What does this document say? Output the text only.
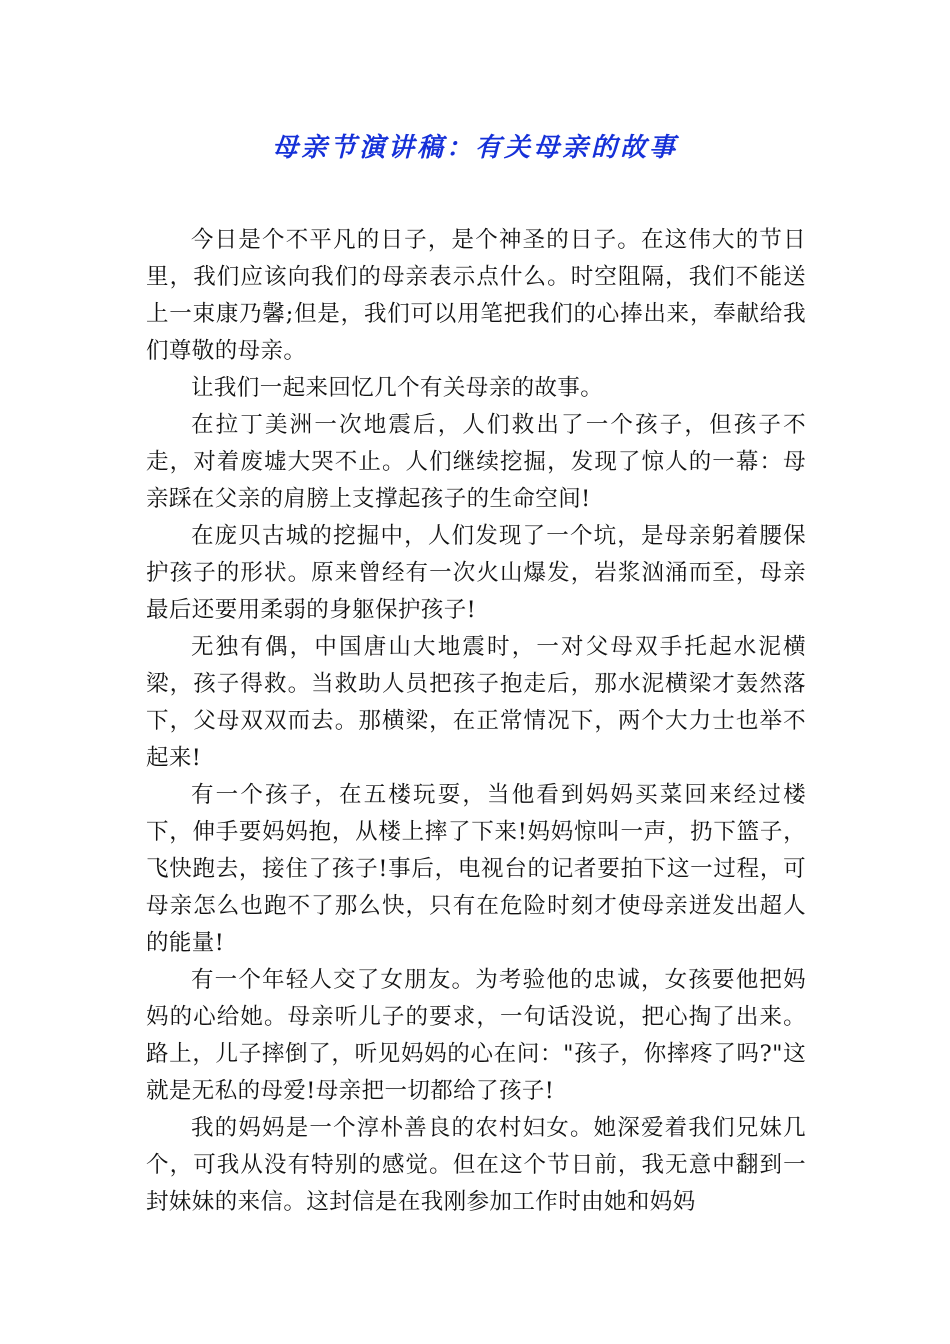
母亲节演讲稿：有关母亲的故事

今日是个不平凡的日子，是个神圣的日子。在这伟大的节日里，我们应该向我们的母亲表示点什么。时空阻隔，我们不能送上一束康乃馨;但是，我们可以用笔把我们的心捧出来，奉献给我们尊敬的母亲。

让我们一起来回忆几个有关母亲的故事。

在拉丁美洲一次地震后，人们救出了一个孩子，但孩子不走，对着废墟大哭不止。人们继续挖掘，发现了惊人的一幕：母亲踩在父亲的肩膀上支撑起孩子的生命空间!

在庞贝古城的挖掘中，人们发现了一个坑，是母亲躬着腰保护孩子的形状。原来曾经有一次火山爆发，岩浆汹涌而至，母亲最后还要用柔弱的身躯保护孩子!

无独有偶，中国唐山大地震时，一对父母双手托起水泥横梁，孩子得救。当救助人员把孩子抱走后，那水泥横梁才轰然落下，父母双双而去。那横梁，在正常情况下，两个大力士也举不起来!

有一个孩子，在五楼玩耍，当他看到妈妈买菜回来经过楼下，伸手要妈妈抱，从楼上摔了下来!妈妈惊叫一声，扔下篮子，飞快跑去，接住了孩子!事后，电视台的记者要拍下这一过程，可母亲怎么也跑不了那么快，只有在危险时刻才使母亲迸发出超人的能量!

有一个年轻人交了女朋友。为考验他的忠诚，女孩要他把妈妈的心给她。母亲听儿子的要求，一句话没说，把心掏了出来。路上，儿子摔倒了，听见妈妈的心在问："孩子，你摔疼了吗?"这就是无私的母爱!母亲把一切都给了孩子!

我的妈妈是一个淳朴善良的农村妇女。她深爱着我们兄妹几个，可我从没有特别的感觉。但在这个节日前，我无意中翻到一封妹妹的来信。这封信是在我刚参加工作时由她和妈妈
